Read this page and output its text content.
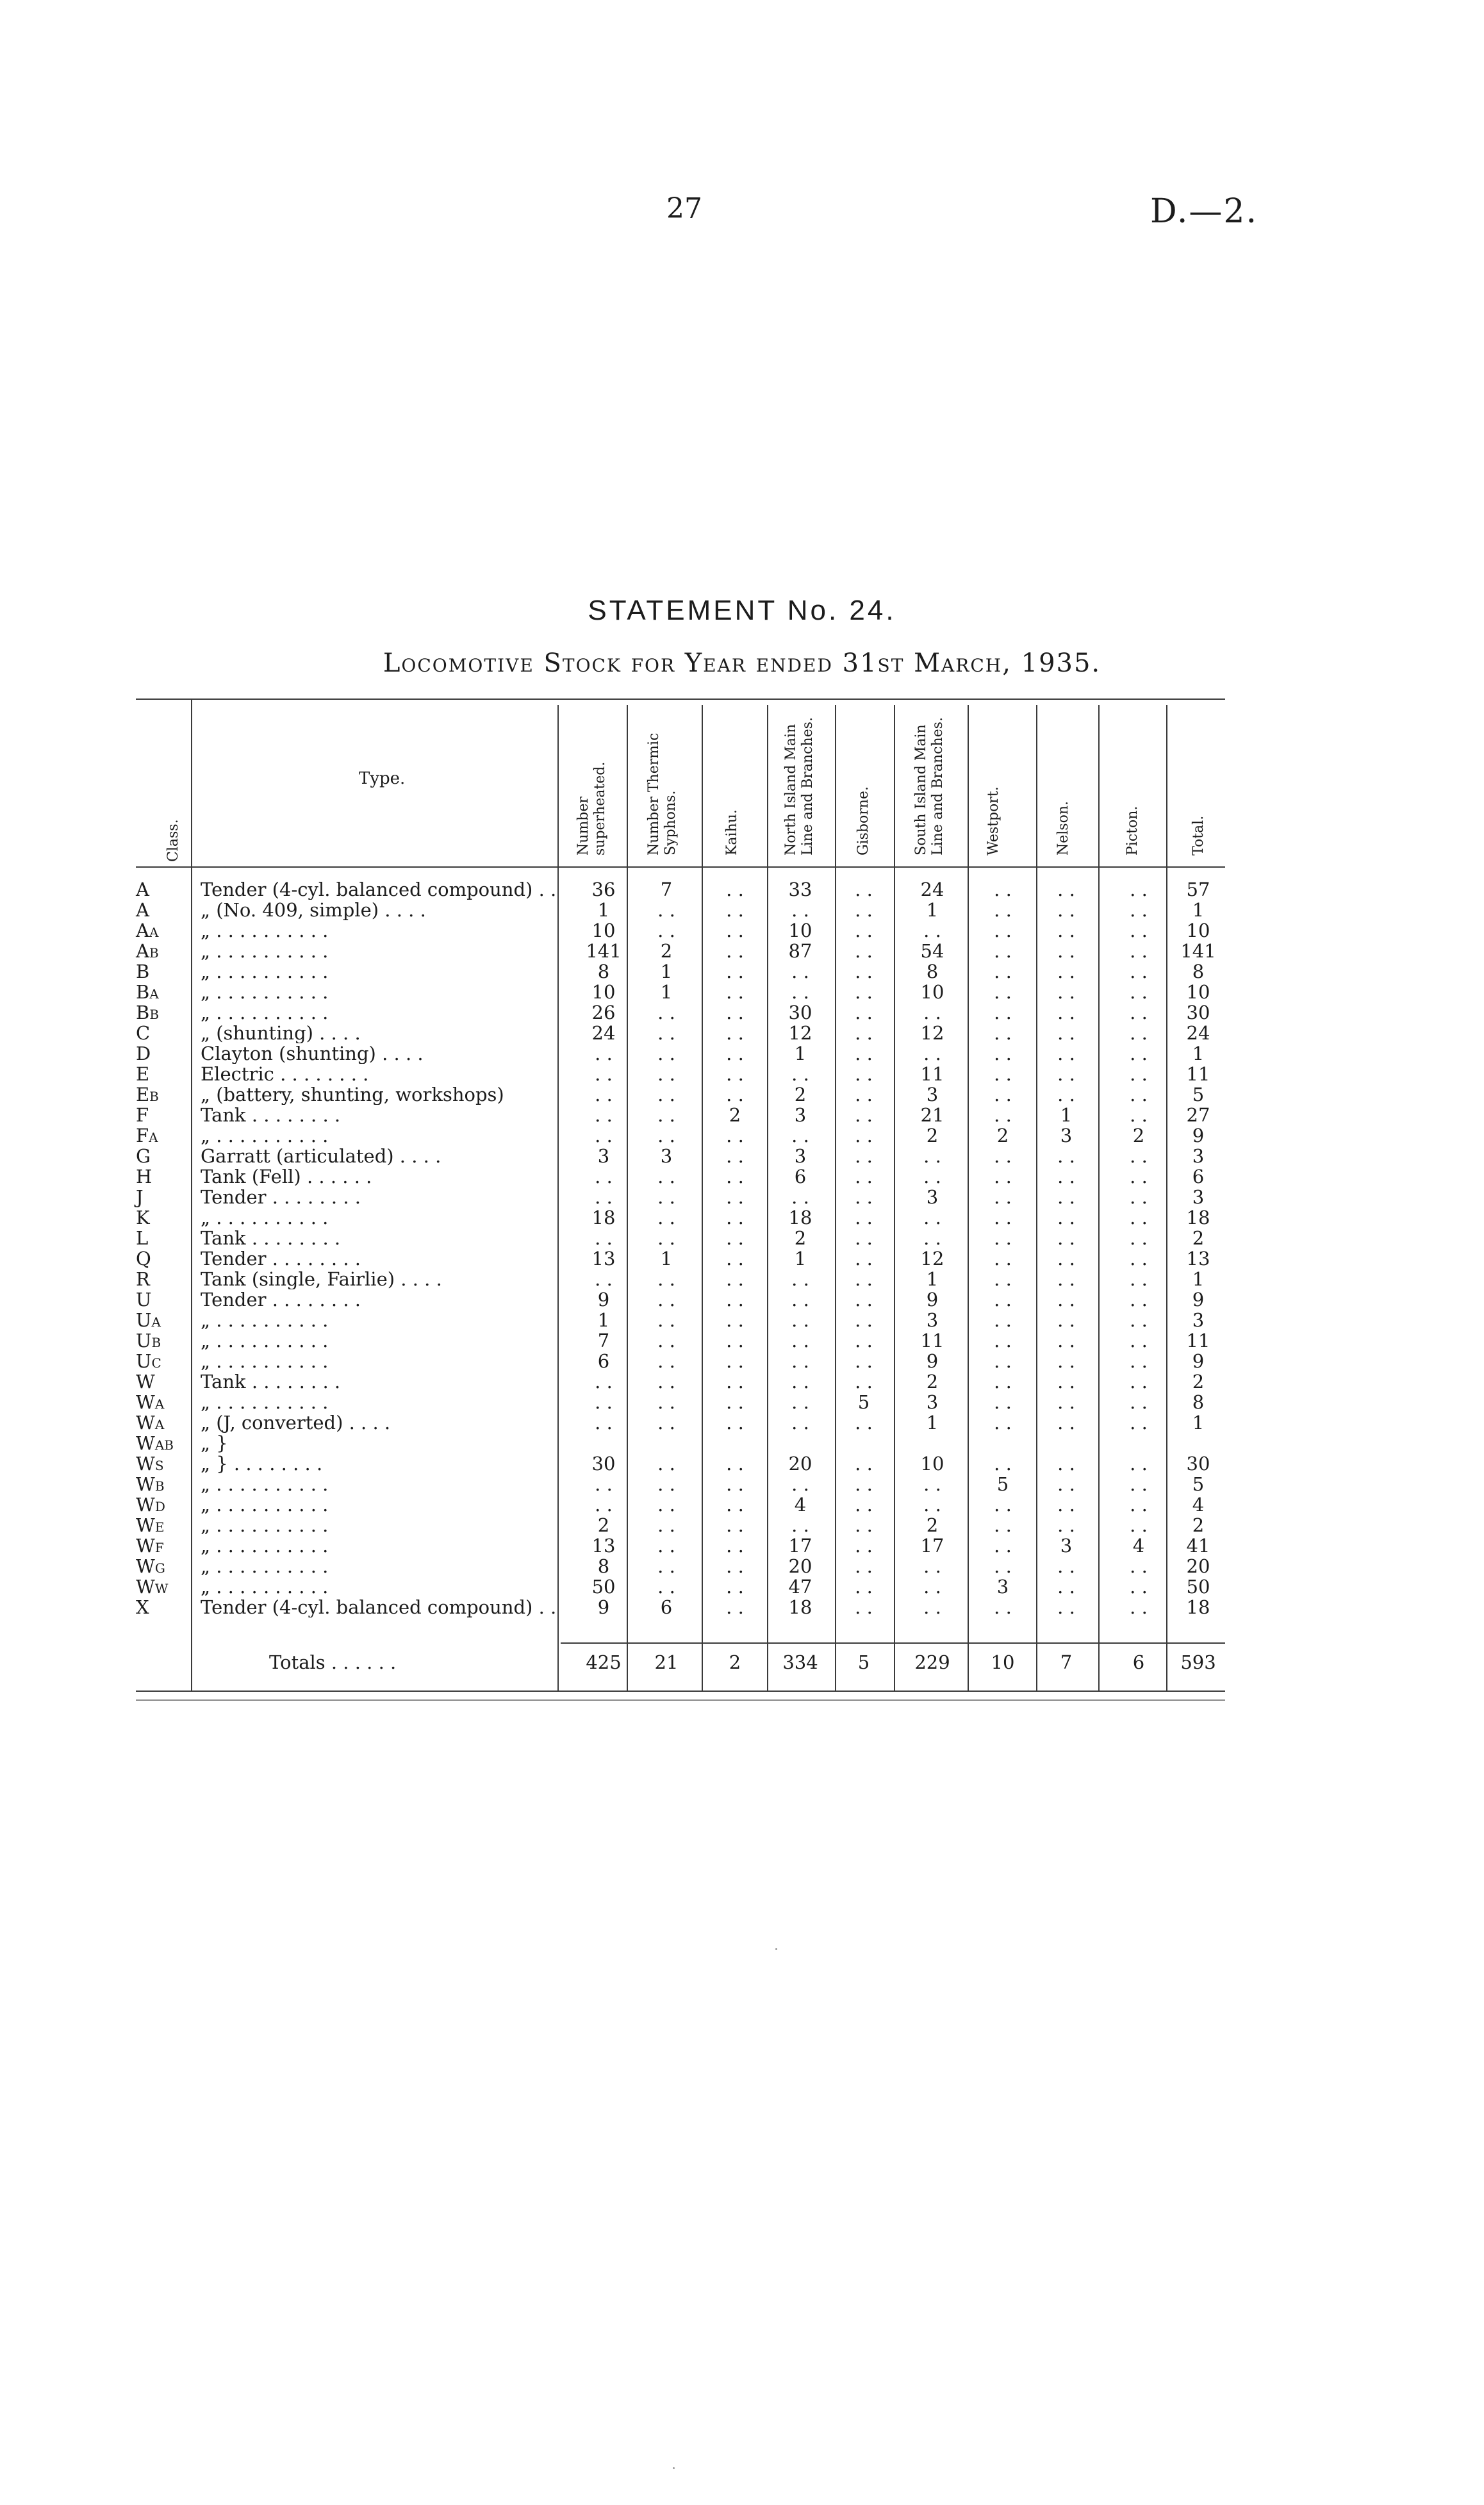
27	D.—2.
STATEMENT No. 24.
Locomotive Stock for Year ended 31st March, 1935.
Class.
Type.
Number superheated.	Number Thermic Syphons.	Kaihu.	North Island Main Line and Branches.	Gisborne.	South Island Main Line and Branches.	Westport.	Nelson.	Picton.	Total.
A	Tender (4-cyl. balanced compound) . .	36	7	. .	33	. .	24	. .	. .	. .	57
A	„ (No. 409, simple) . . . .	1	. .	. .	. .	. .	1	. .	. .	. .	1
AA „ . . . . . . . . . .	10	. .	. .	10	. .	. .	. .	. .	. .	10
AB „ . . . . . . . . . .	141	2	. .	87	. .	54	. .	. .	. .	141
B	„ . . . . . . . . . .	8	1	. .	. .	. .	8	. .	. .	. .	8
BA „ . . . . . . . . . .	10	1	. .	. .	. .	10	. .	. .	. .	10
BB „ . . . . . . . . . .	26	. .	. .	30	. .	. .	. .	. .	. .	30
C	„ (shunting) . . . .	24	. .	. .	12	. .	12	. .	. .	. .	24
D	Clayton (shunting) . . . .	. .	. .	. .	1	. .	. .	. .	. .	. .	1
E	Electric . . . . . . . .	. .	. .	. .	. .	. .	11	. .	. .	. .	11
EB „ (battery, shunting, workshops)	. .	. .	. .	2	. .	3	. .	. .	. .	5
F	Tank . . . . . . . .	. .	. .	2	3	. .	21	. .	1	. .	27
FA „ . . . . . . . . . .	. .	. .	. .	. .	. .	2	2	3	2	9
G	Garratt (articulated) . . . .	3	3	. .	3	. .	. .	. .	. .	. .	3
H	Tank (Fell) . . . . . .	. .	. .	. .	6	. .	. .	. .	. .	. .	6
J	Tender . . . . . . . .	. .	. .	. .	. .	. .	3	. .	. .	. .	3
K	„ . . . . . . . . . .	18	. .	. .	18	. .	. .	. .	. .	. .	18
L	Tank . . . . . . . .	. .	. .	. .	2	. .	. .	. .	. .	. .	2
Q	Tender . . . . . . . .	13	1	. .	1	. .	12	. .	. .	. .	13
R	Tank (single, Fairlie) . . . .	. .	. .	. .	. .	. .	1	. .	. .	. .	1
U	Tender . . . . . . . .	9	. .	. .	. .	. .	9	. .	. .	. .	9
UA „ . . . . . . . . . .	1	. .	. .	. .	. .	3	. .	. .	. .	3
UB „ . . . . . . . . . .	7	. .	. .	. .	. .	11	. .	. .	. .	11
UC „ . . . . . . . . . .	6	. .	. .	. .	. .	9	. .	. .	. .	9
W Tank . . . . . . . .	. .	. .	. .	. .	. .	2	. .	. .	. .	2
WA „ . . . . . . . . . .	. .	. .	. .	. .	5	3	. .	. .	. .	8
WA „ (J, converted) . . . .	. .	. .	. .	. .	. .	1	. .	. .	. .	1
WAB „ }
WS „ } . . . . . . . .	30	. .	. .	20	. .	10	. .	. .	. .	30
WB „ . . . . . . . . . .	. .	. .	. .	. .	. .	. .	5	. .	. .	5
WD „ . . . . . . . . . .	. .	. .	. .	4	. .	. .	. .	. .	. .	4
WE „ . . . . . . . . . .	2	. .	. .	. .	. .	2	. .	. .	. .	2
WF „ . . . . . . . . . .	13	. .	. .	17	. .	17	. .	3	4	41
WG „ . . . . . . . . . .	8	. .	. .	20	. .	. .	. .	. .	. .	20
WW „ . . . . . . . . . .	50	. .	. .	47	. .	. .	3	. .	. .	50
X	Tender (4-cyl. balanced compound) . .	9	6	. .	18	. .	. .	. .	. .	. .	18
Totals . . . . . .	425	21	2	334	5	229	10	7	6	593
